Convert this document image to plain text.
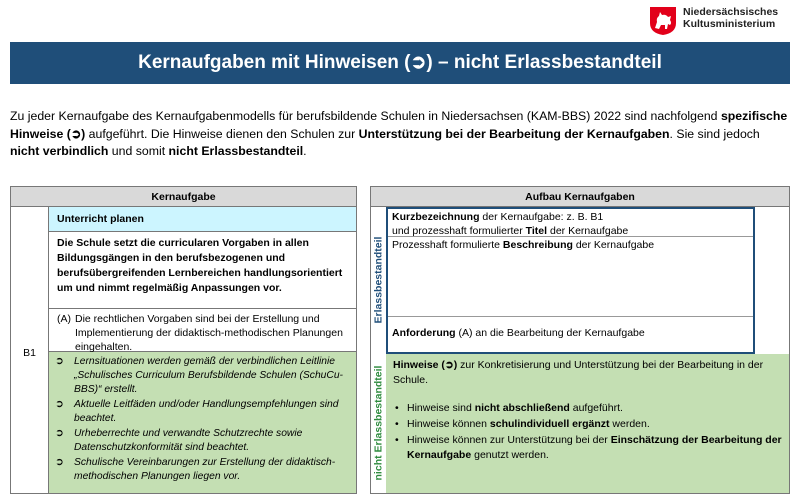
Niedersächsisches
Kultusministerium
Kernaufgaben mit Hinweisen (➲) – nicht Erlassbestandteil

Zu jeder Kernaufgabe des Kernaufgabenmodells für berufsbildende Schulen in Niedersachsen (KAM-BBS) 2022 sind nachfolgend spezifische Hinweise (➲) aufgeführt. Die Hinweise dienen den Schulen zur Unterstützung bei der Bearbeitung der Kernaufgaben. Sie sind jedoch nicht verbindlich und somit nicht Erlassbestandteil.

Kernaufgabe
B1
Unterricht planen
Die Schule setzt die curricularen Vorgaben in allen Bildungsgängen in den berufsbezogenen und berufsübergreifenden Lernbereichen handlungsorientiert um und nimmt regelmäßig Anpassungen vor.
(A) Die rechtlichen Vorgaben sind bei der Erstellung und Implementierung der didaktisch-methodischen Planungen eingehalten.
➲	Lernsituationen werden gemäß der verbindlichen Leitlinie „Schulisches Curriculum Berufsbildende Schulen (SchuCu-BBS)“ erstellt.
➲	Aktuelle Leitfäden und/oder Handlungsempfehlungen sind beachtet.
➲	Urheberrechte und verwandte Schutzrechte sowie Datenschutzkonformität sind beachtet.
➲	Schulische Vereinbarungen zur Erstellung der didaktisch-methodischen Planungen liegen vor.
Aufbau Kernaufgaben
Erlassbestandteil
nicht Erlassbestandteil
Kurzbezeichnung der Kernaufgabe: z. B. B1
und prozesshaft formulierter Titel der Kernaufgabe
Prozesshaft formulierte Beschreibung der Kernaufgabe
Anforderung (A) an die Bearbeitung der Kernaufgabe

Hinweise (➲) zur Konkretisierung und Unterstützung bei der Bearbeitung in der Schule.

• Hinweise sind nicht abschließend aufgeführt.
• Hinweise können schulindividuell ergänzt werden.
• Hinweise können zur Unterstützung bei der Einschätzung der Bearbeitung der Kernaufgabe genutzt werden.
